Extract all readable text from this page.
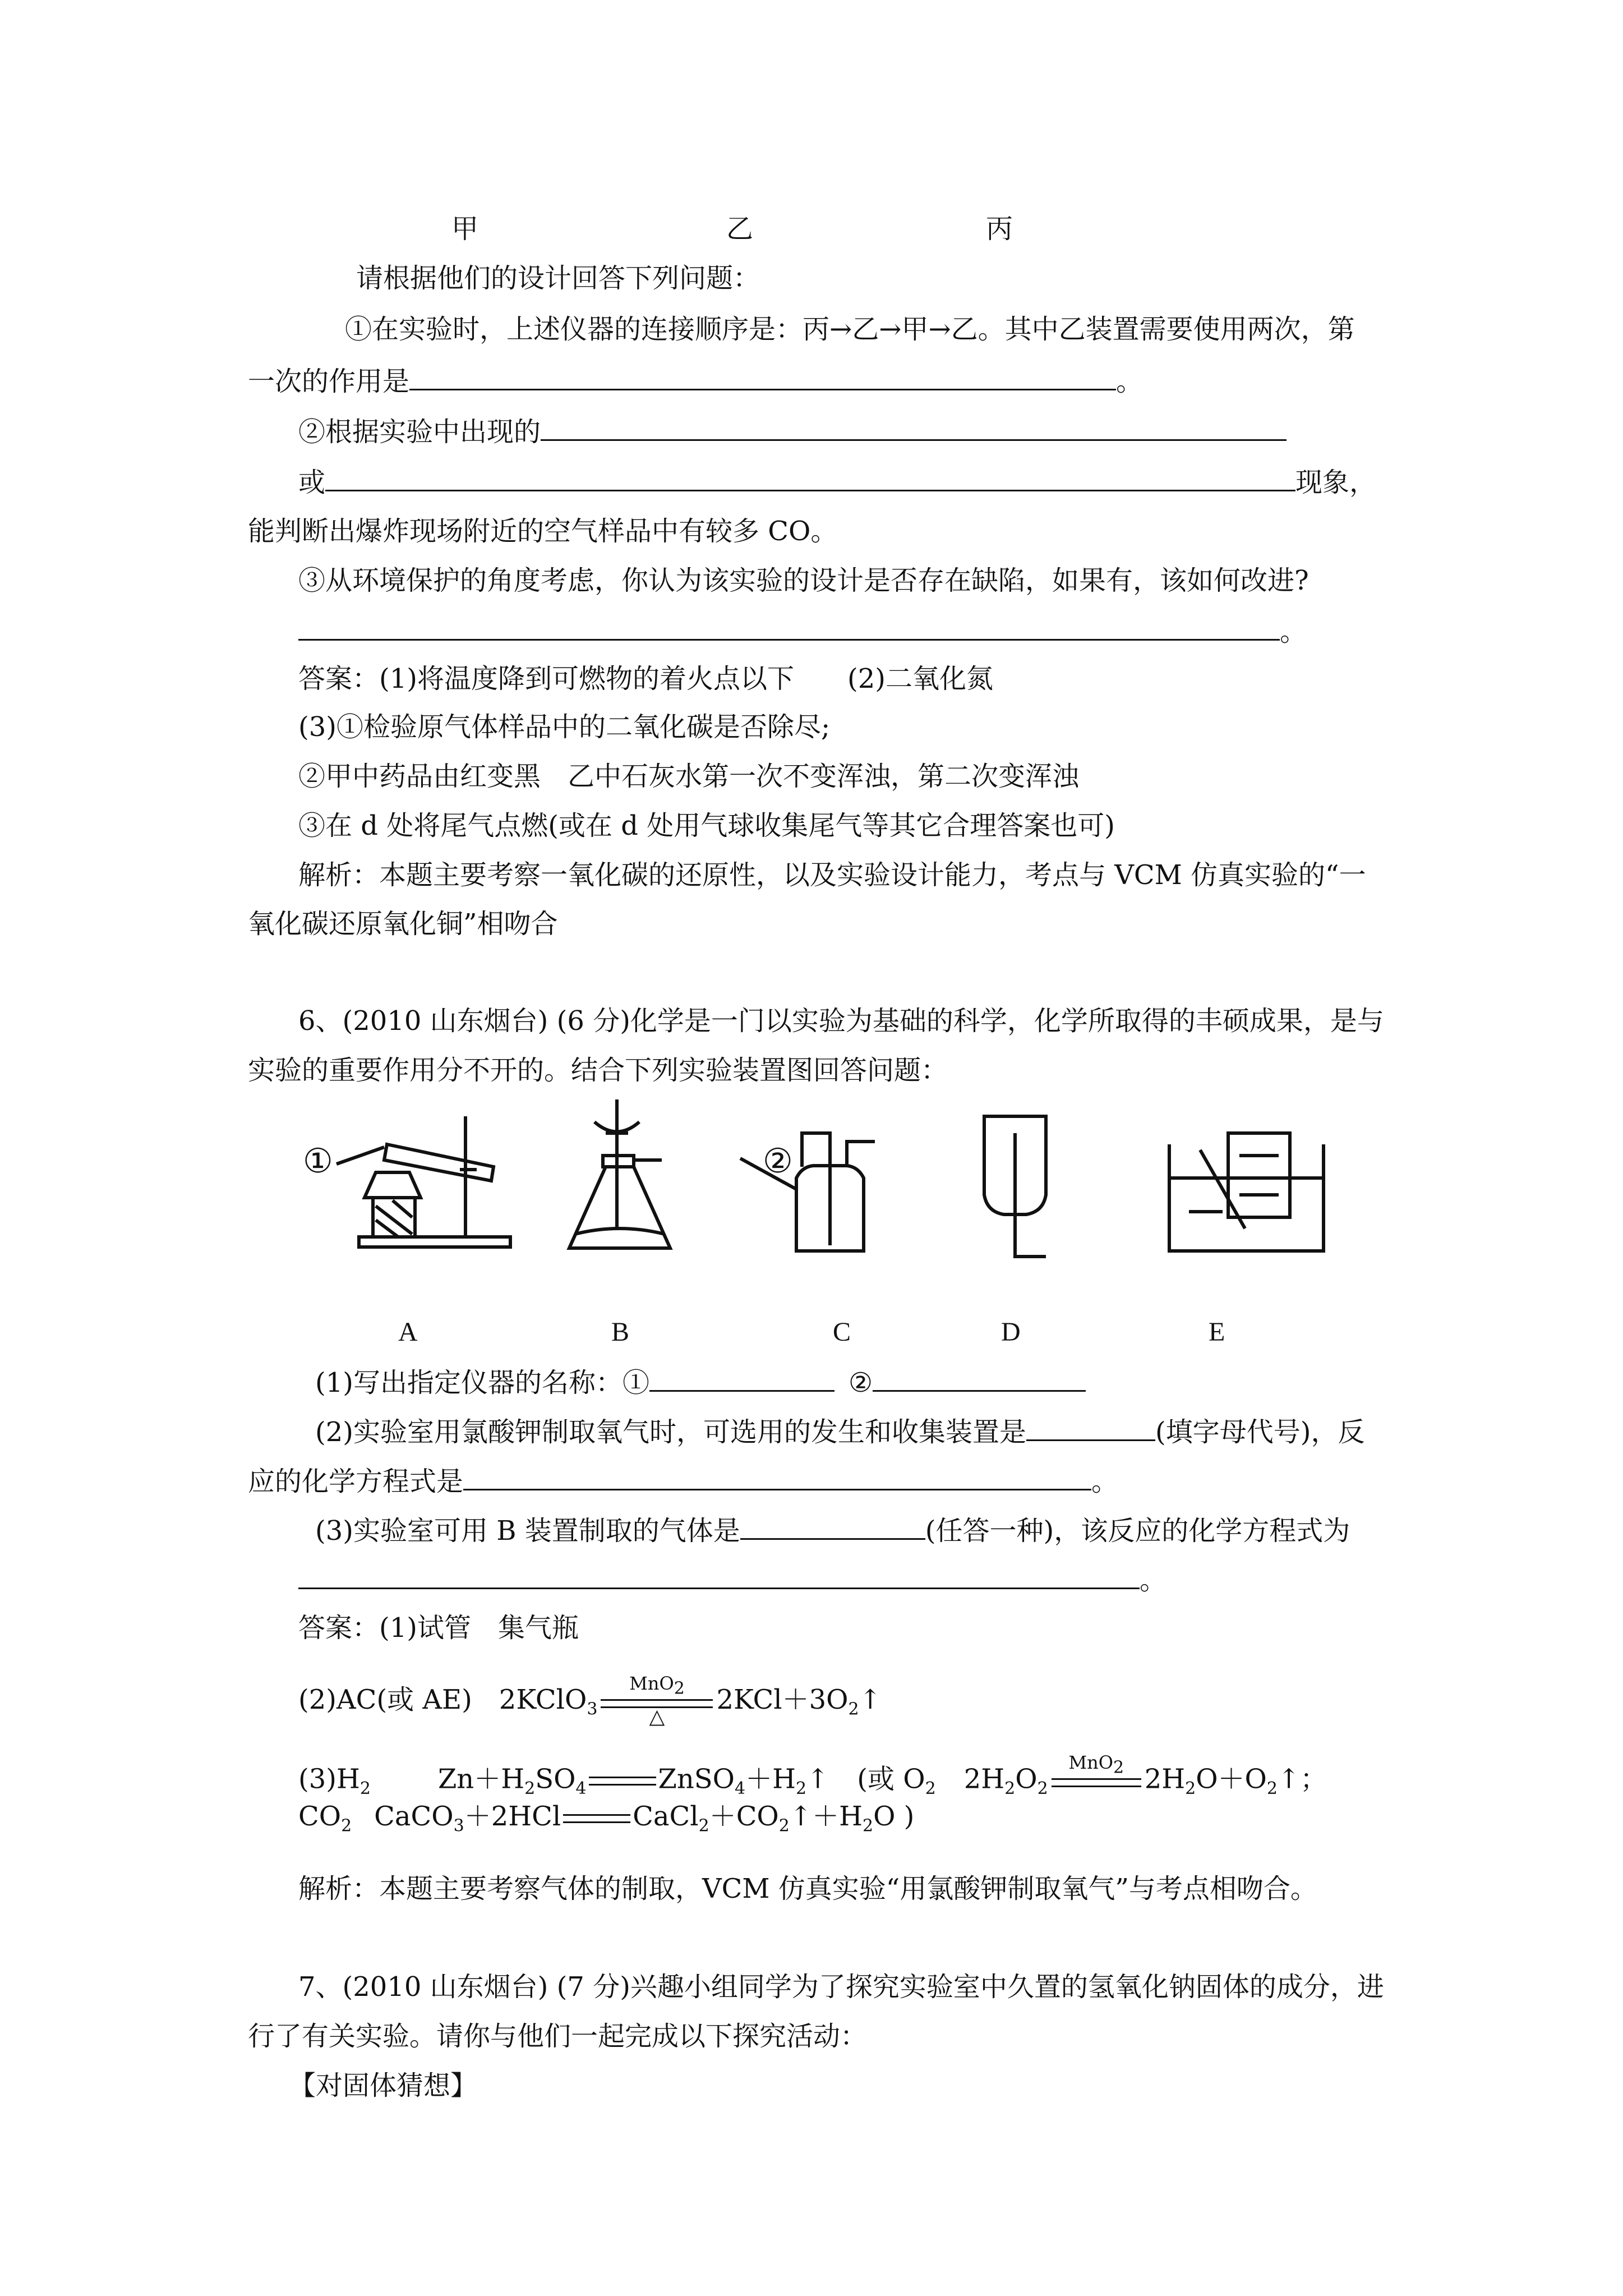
甲	乙	丙
请根据他们的设计回答下列问题：
①在实验时，上述仪器的连接顺序是：丙→乙→甲→乙。其中乙装置需要使用两次，第
一次的作用是	。
②根据实验中出现的
或	现象，
能判断出爆炸现场附近的空气样品中有较多 CO。
③从环境保护的角度考虑，你认为该实验的设计是否存在缺陷，如果有，该如何改进?
。
答案：(1)将温度降到可燃物的着火点以下 (2)二氧化氮
(3)①检验原气体样品中的二氧化碳是否除尽;
②甲中药品由红变黑　乙中石灰水第一次不变浑浊，第二次变浑浊
③在 d 处将尾气点燃(或在 d 处用气球收集尾气等其它合理答案也可)
解析：本题主要考察一氧化碳的还原性，以及实验设计能力，考点与 VCM 仿真实验的“一
氧化碳还原氧化铜”相吻合
6、(2010 山东烟台) (6 分)化学是一门以实验为基础的科学，化学所取得的丰硕成果，是与
实验的重要作用分不开的。结合下列实验装置图回答问题：
①	②
A	B	C	D	E
(1)写出指定仪器的名称：①	②
(2)实验室用氯酸钾制取氧气时，可选用的发生和收集装置是	(填字母代号)，反
应的化学方程式是	。
(3)实验室可用 B 装置制取的气体是	(任答一种)，该反应的化学方程式为
。
答案：(1)试管　集气瓶
(2)AC(或 AE)　2KClO$_3$
MnO$_2$
△
$2KCl+3O_2↑$
$(3)H_2$	$Zn+H_2SO_4$	$ZnSO_4+H_2↑$ (或 $O_2$ $2H_2O_2$
MnO$_2$ $2H_2O+O_2↑$；
$CO_2$ CaCO$_3$＋2HCl	$CaCl_2+CO_2↑+H_2O$ )
解析：本题主要考察气体的制取，VCM 仿真实验“用氯酸钾制取氧气”与考点相吻合。
7、(2010 山东烟台) (7 分)兴趣小组同学为了探究实验室中久置的氢氧化钠固体的成分，进
行了有关实验。请你与他们一起完成以下探究活动：
【对固体猜想】
